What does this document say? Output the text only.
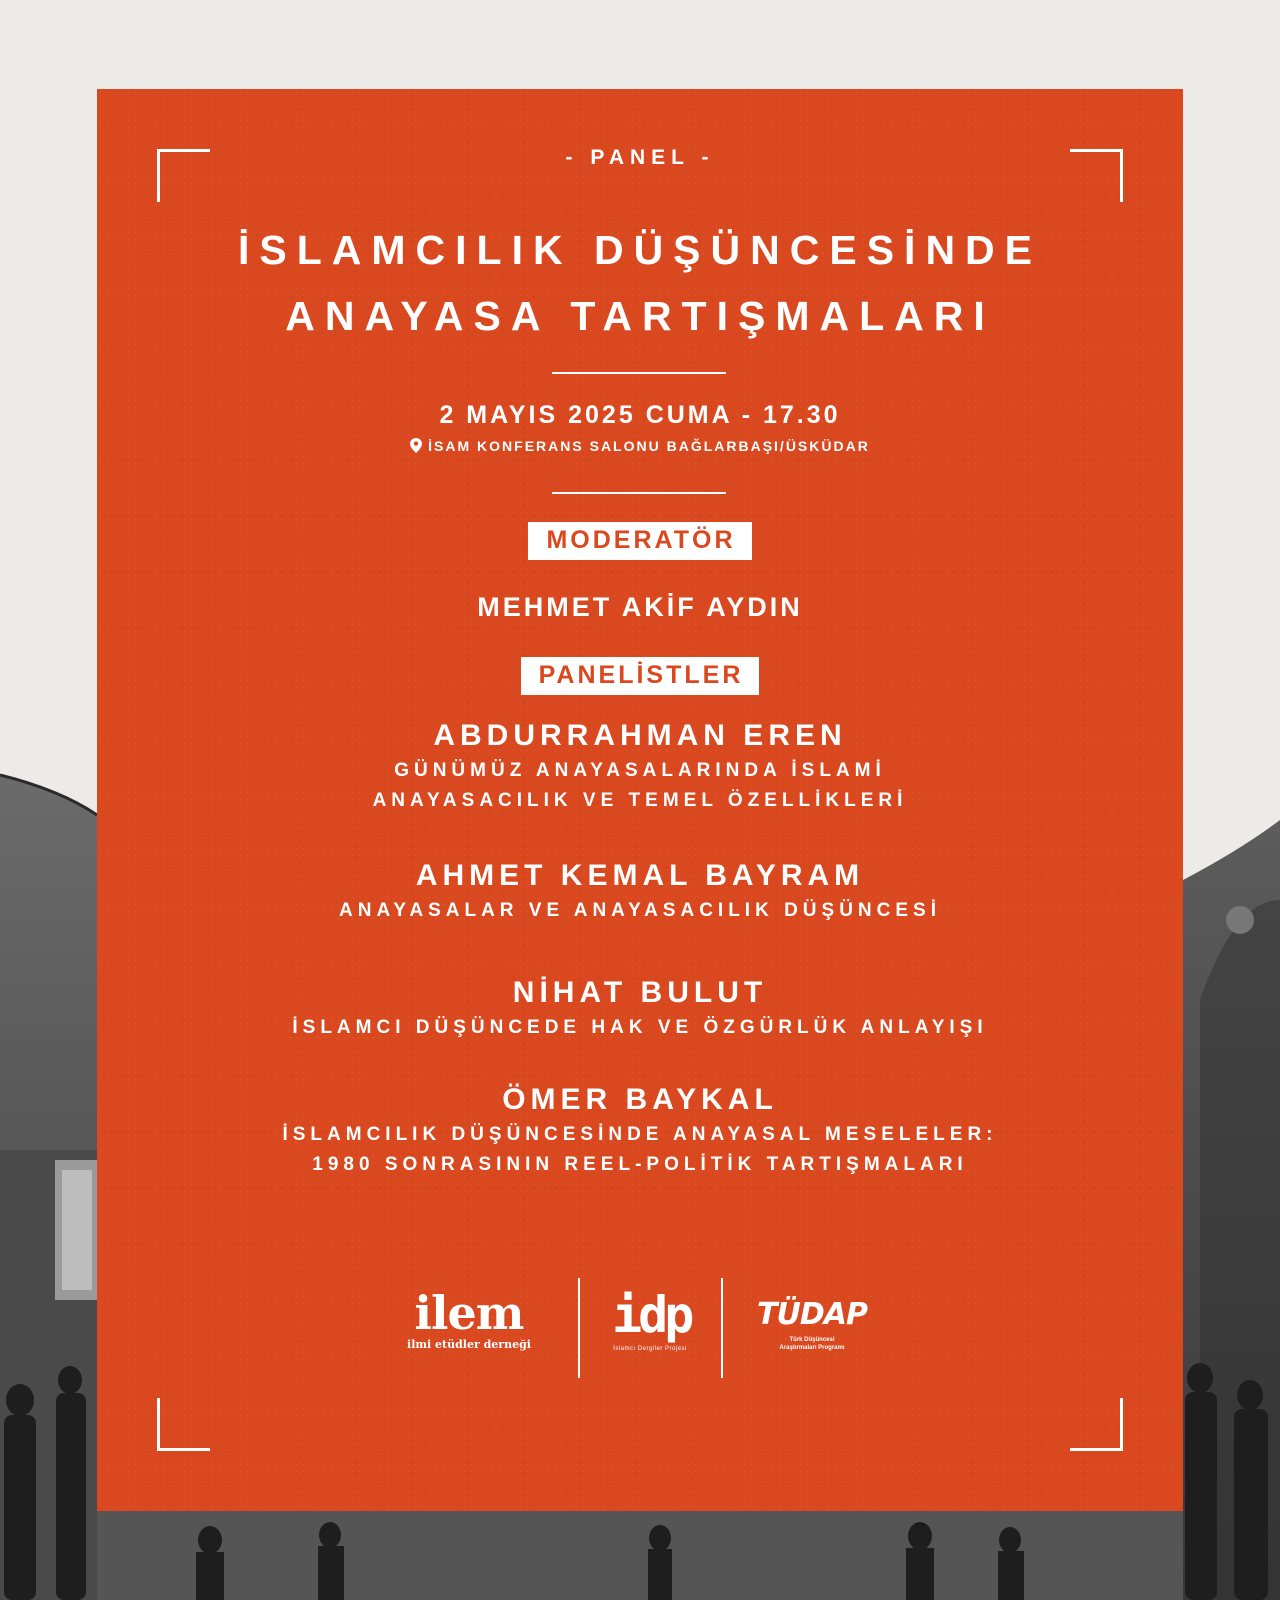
- PANEL -
İSLAMCILIK DÜŞÜNCESİNDE
ANAYASA TARTIŞMALARI
2 MAYIS 2025 CUMA - 17.30
İSAM KONFERANS SALONU BAĞLARBAŞI/ÜSKÜDAR
MODERATÖR
MEHMET AKİF AYDIN
PANELİSTLER
ABDURRAHMAN EREN
GÜNÜMÜZ ANAYASALARINDA İSLAMİ
ANAYASACILIK VE TEMEL ÖZELLİKLERİ
AHMET KEMAL BAYRAM
ANAYASALAR VE ANAYASACILIK DÜŞÜNCESİ
NİHAT BULUT
İSLAMCI DÜŞÜNCEDE HAK VE ÖZGÜRLÜK ANLAYIŞI
ÖMER BAYKAL
İSLAMCILIK DÜŞÜNCESİNDE ANAYASAL MESELELER:
1980 SONRASININ REEL-POLİTİK TARTIŞMALARI
ilem
ilmi etüdler derneği
idp
İslamcı Dergiler Projesi
TÜDAP
Türk Düşüncesi
Araştırmaları Programı
